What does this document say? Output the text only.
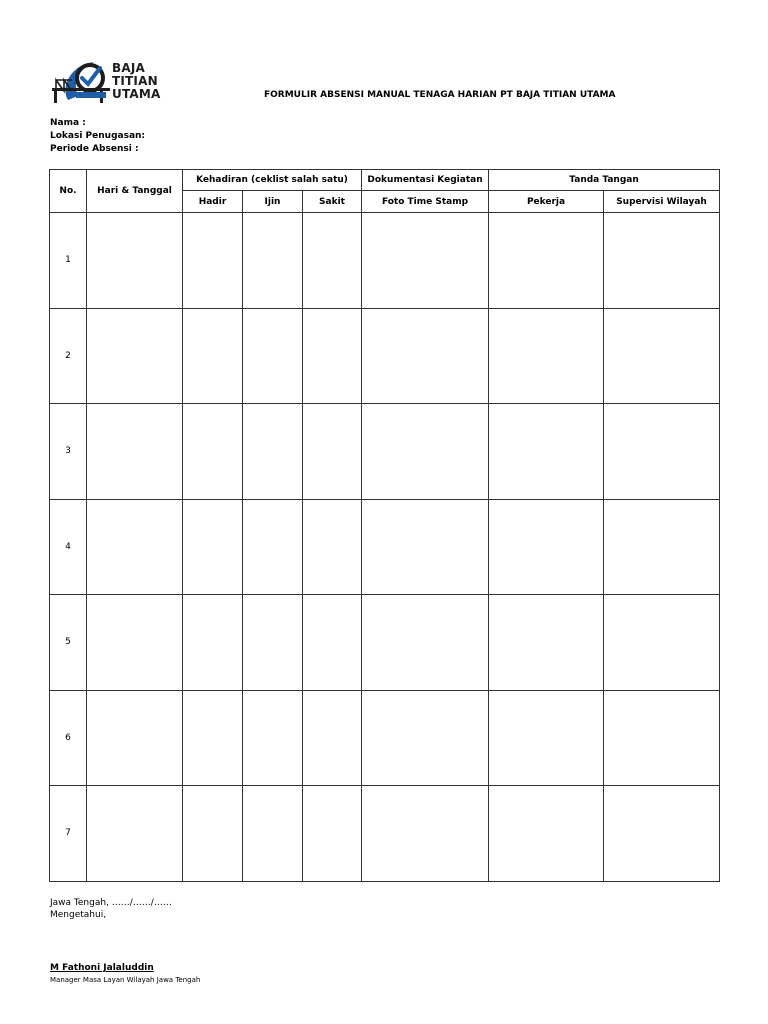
BAJA
TITIAN
UTAMA	FORMULIR ABSENSI MANUAL TENAGA HARIAN PT BAJA TITIAN UTAMA
Nama :
Lokasi Penugasan:
Periode Absensi :
No.	Hari & Tanggal	Kehadiran (ceklist salah satu)			Dokumentasi Kegiatan	Tanda Tangan	
		Hadir	Ijin	Sakit	Foto Time Stamp	Pekerja	Supervisi Wilayah
1							
2							
3							
4							
5							
6							
7							
Jawa Tengah, ……/……/……
Mengetahui,
M Fathoni Jalaluddin
Manager Masa Layan Wilayah Jawa Tengah
